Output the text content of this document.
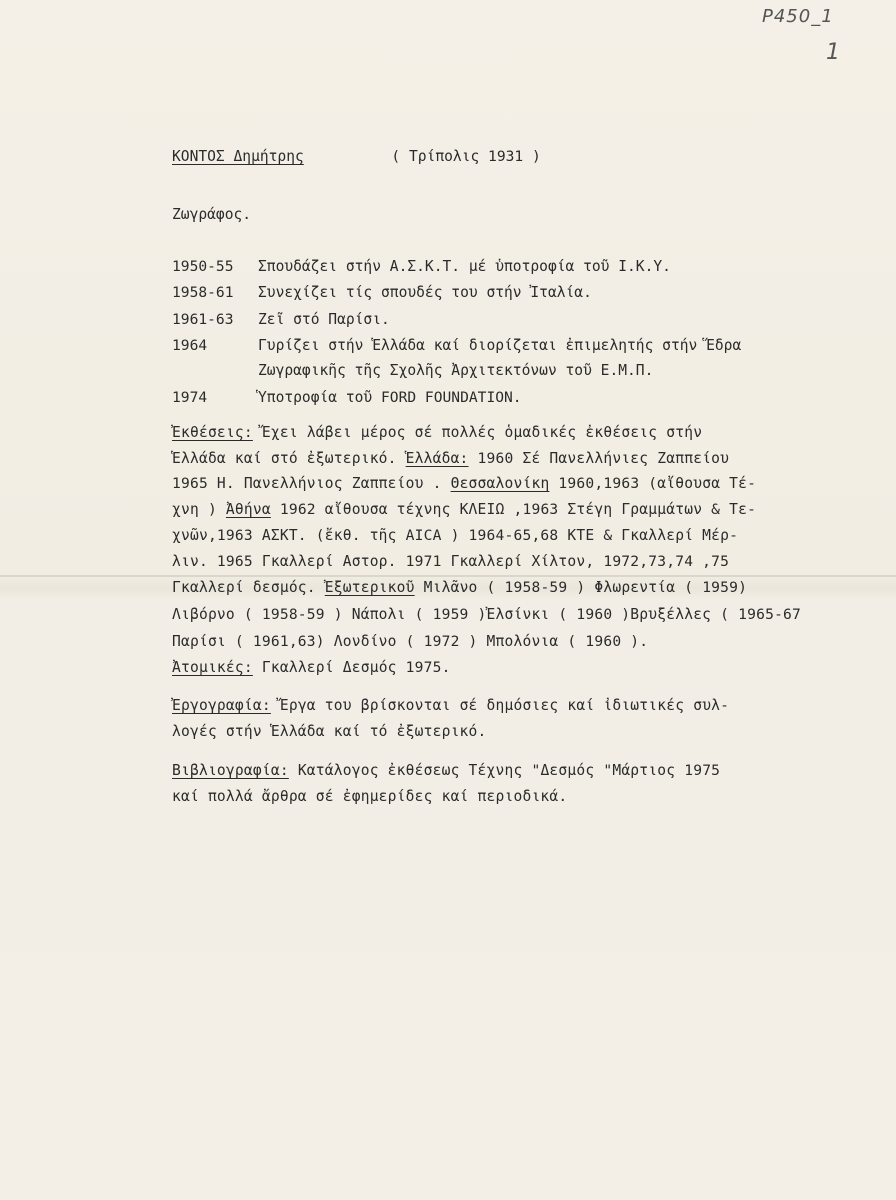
P450_1
1
ΚΟΝΤΟΣ Δημήτρης	( Τρίπολις 1931 )
Ζωγράφος.
1950-55 Σπουδάζει στήν Α.Σ.Κ.Τ. μέ ὑποτροφία τοῦ Ι.Κ.Υ.
1958-61 Συνεχίζει τίς σπουδές του στήν Ἰταλία.
1961-63 Ζεῖ στό Παρίσι.
1964	Γυρίζει στήν Ἑλλάδα καί διορίζεται ἐπιμελητής στήν Ἕδρα
Ζωγραφικῆς τῆς Σχολῆς Ἀρχιτεκτόνων τοῦ Ε.Μ.Π.
1974	Ὑποτροφία τοῦ FORD FOUNDATION.
Ἐκθέσεις: Ἔχει λάβει μέρος σέ πολλές ὁμαδικές ἐκθέσεις στήν
Ἑλλάδα καί στό ἐξωτερικό. Ἑλλάδα: 1960 Σέ Πανελλήνιες Ζαππείου
1965 Η. Πανελλήνιος Ζαππείου . Θεσσαλονίκη 1960,1963 (αἴθουσα Τέ-
χνη ) Ἀθήνα 1962 αἴθουσα τέχνης ΚΛΕΙΩ ,1963 Στέγη Γραμμάτων & Τε-
χνῶν,1963 ΑΣΚΤ. (ἔκθ. τῆς AICA ) 1964-65,68 ΚΤΕ & Γκαλλερί Μέρ-
λιν. 1965 Γκαλλερί Αστορ. 1971 Γκαλλερί Χίλτον, 1972,73,74 ,75
Γκαλλερί δεσμός. Ἐξωτερικοῦ Μιλᾶνο ( 1958-59 ) Φλωρεντία ( 1959)
Λιβόρνο ( 1958-59 ) Νάπολι ( 1959 )Ἐλσίνκι ( 1960 )Βρυξέλλες ( 1965-67
Παρίσι ( 1961,63) Λονδίνο ( 1972 ) Μπολόνια ( 1960 ).
Ἀτομικές: Γκαλλερί Δεσμός 1975.
Ἐργογραφία: Ἔργα του βρίσκονται σέ δημόσιες καί ἰδιωτικές συλ-
λογές στήν Ἑλλάδα καί τό ἐξωτερικό.
Βιβλιογραφία: Κατάλογος ἐκθέσεως Τέχνης "Δεσμός "Μάρτιος 1975
καί πολλά ἄρθρα σέ ἐφημερίδες καί περιοδικά.
